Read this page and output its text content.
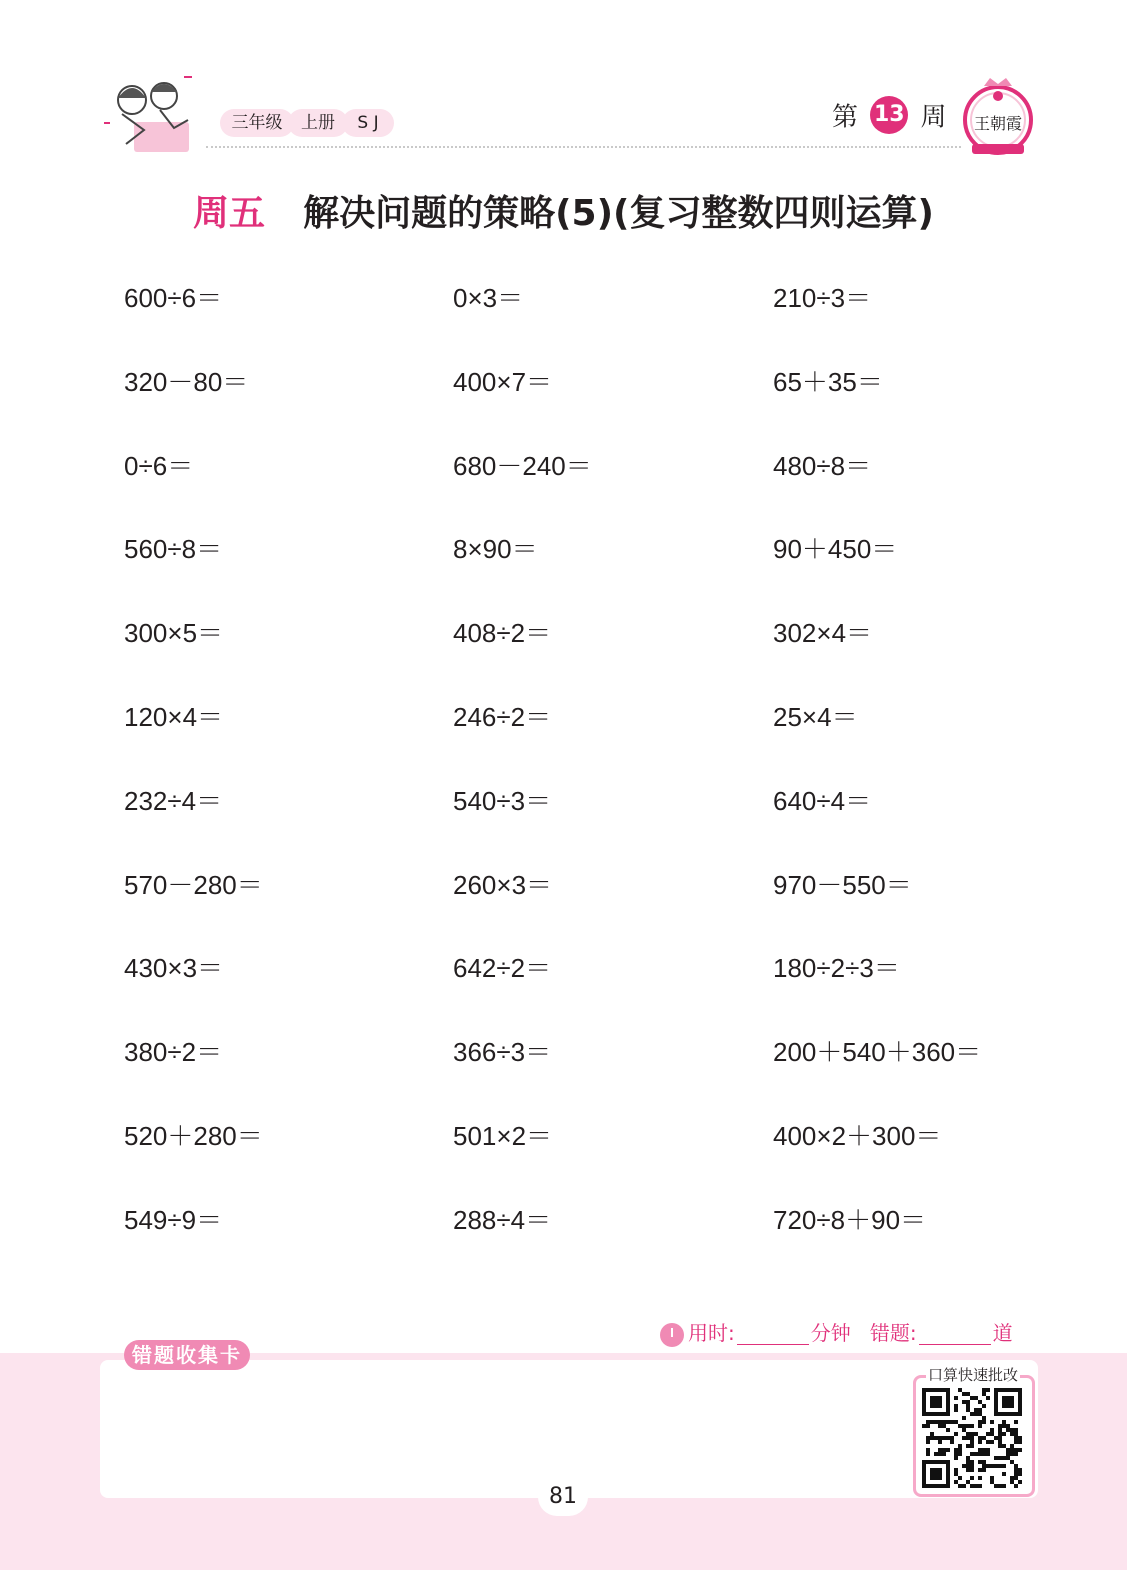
三年级	上册	S J	第 13 周 王朝霞
周五 解决问题的策略(5)(复习整数四则运算)
600÷6＝	0×3＝	210÷3＝
320－80＝	400×7＝	65＋35＝
0÷6＝	680－240＝	480÷8＝
560÷8＝	8×90＝	90＋450＝
300×5＝	408÷2＝	302×4＝
120×4＝	246÷2＝	25×4＝
232÷4＝	540÷3＝	640÷4＝
570－280＝	260×3＝	970－550＝
430×3＝	642÷2＝	180÷2÷3＝
380÷2＝	366÷3＝	200＋540＋360＝
520＋280＝	501×2＝	400×2＋300＝
549÷9＝	288÷4＝	720÷8＋90＝
用时:	分钟 错题:	道
错题收集卡
口算快速批改
81
